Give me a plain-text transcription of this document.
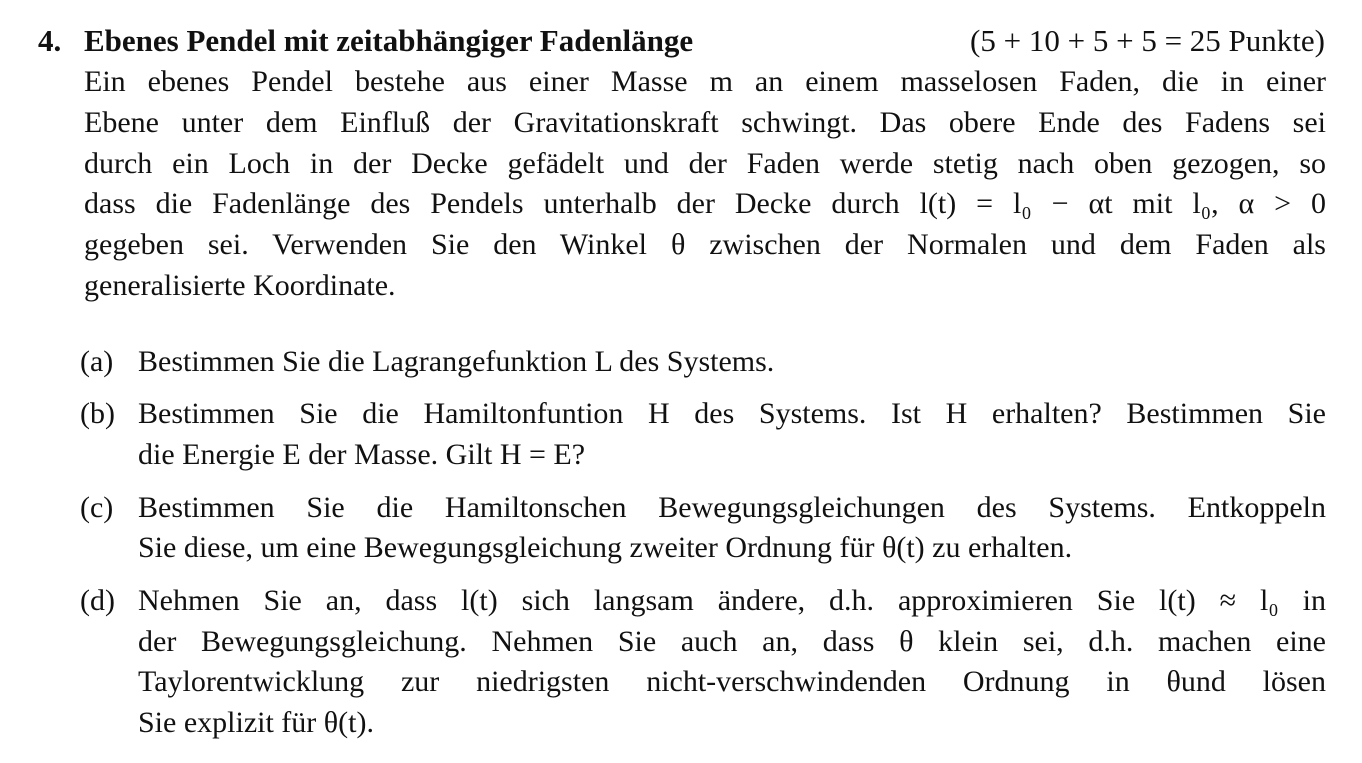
4. Ebenes Pendel mit zeitabhängiger Fadenlänge	(5 + 10 + 5 + 5 = 25 Punkte)
Ein ebenes Pendel bestehe aus einer Masse m an einem masselosen Faden, die in einer
Ebene unter dem Einfluß der Gravitationskraft schwingt. Das obere Ende des Fadens sei
durch ein Loch in der Decke gefädelt und der Faden werde stetig nach oben gezogen, so
dass die Fadenlänge des Pendels unterhalb der Decke durch l(t) = l₀ − αt mit l₀, α > 0
gegeben sei. Verwenden Sie den Winkel θ zwischen der Normalen und dem Faden als
generalisierte Koordinate.
(a) Bestimmen Sie die Lagrangefunktion L des Systems.
(b) Bestimmen Sie die Hamiltonfuntion H des Systems. Ist H erhalten? Bestimmen Sie
die Energie E der Masse. Gilt H = E?
(c) Bestimmen Sie die Hamiltonschen Bewegungsgleichungen des Systems. Entkoppeln
Sie diese, um eine Bewegungsgleichung zweiter Ordnung für θ(t) zu erhalten.
(d) Nehmen Sie an, dass l(t) sich langsam ändere, d.h. approximieren Sie l(t) ≈ l₀ in
der Bewegungsgleichung. Nehmen Sie auch an, dass θ klein sei, d.h. machen eine
Taylorentwicklung zur niedrigsten nicht-verschwindenden Ordnung in θund lösen
Sie explizit für θ(t).
